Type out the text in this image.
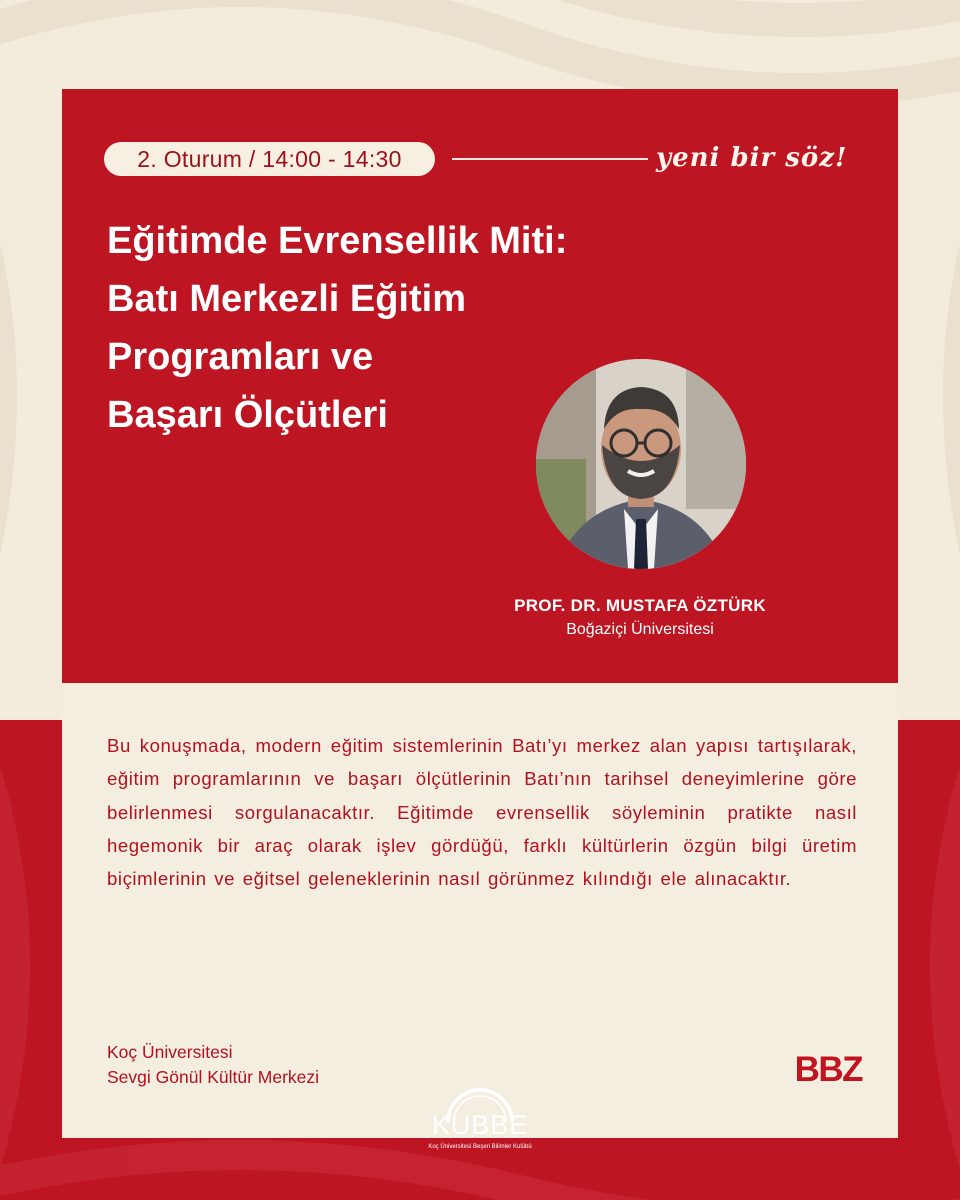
2. Oturum / 14:00 - 14:30	yeni bir söz!
Eğitimde Evrensellik Miti:
Batı Merkezli Eğitim
Programları ve
Başarı Ölçütleri
PROF. DR. MUSTAFA ÖZTÜRK
Boğaziçi Üniversitesi

Bu konuşmada, modern eğitim sistemlerinin Batı’yı merkez alan yapısı tartışılarak, eğitim programlarının ve başarı ölçütlerinin Batı’nın tarihsel deneyimlerine göre belirlenmesi sorgulanacaktır. Eğitimde evrensellik söyleminin pratikte nasıl hegemonik bir araç olarak işlev gördüğü, farklı kültürlerin özgün bilgi üretim biçimlerinin ve eğitsel geleneklerinin nasıl görünmez kılındığı ele alınacaktır.

Koç Üniversitesi
Sevgi Gönül Kültür Merkezi	BBZ
KUBBE
Koç Üniversitesi Beşeri Bilimler Kulübü
